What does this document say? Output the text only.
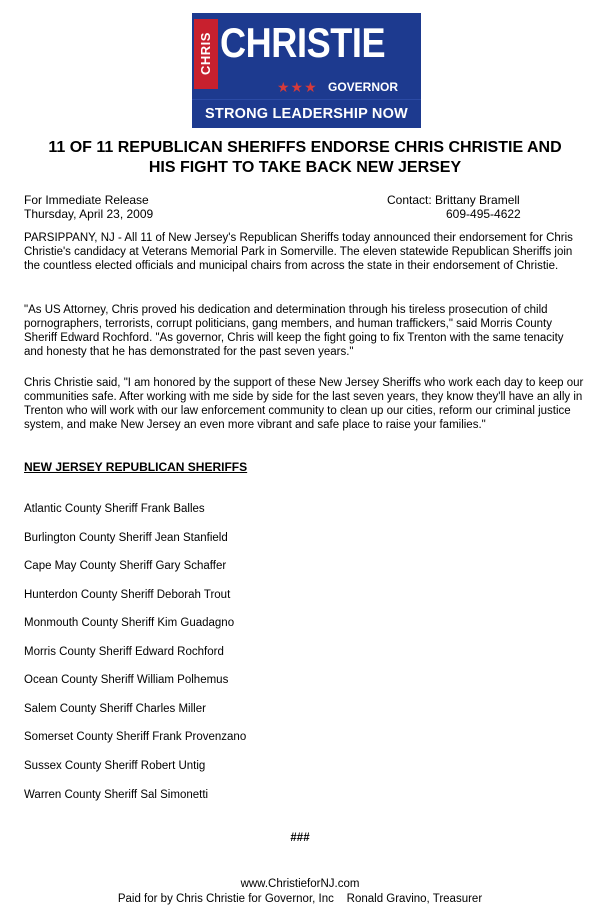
CHRIS CHRISTIE
★★★ GOVERNOR
STRONG LEADERSHIP NOW
11 OF 11 REPUBLICAN SHERIFFS ENDORSE CHRIS CHRISTIE AND
HIS FIGHT TO TAKE BACK NEW JERSEY
For Immediate Release
Thursday, April 23, 2009
Contact: Brittany Bramell
609-495-4622
PARSIPPANY, NJ - All 11 of New Jersey's Republican Sheriffs today announced their endorsement for Chris Christie's candidacy at Veterans Memorial Park in Somerville. The eleven statewide Republican Sheriffs join the countless elected officials and municipal chairs from across the state in their endorsement of Christie.
"As US Attorney, Chris proved his dedication and determination through his tireless prosecution of child pornographers, terrorists, corrupt politicians, gang members, and human traffickers," said Morris County Sheriff Edward Rochford. "As governor, Chris will keep the fight going to fix Trenton with the same tenacity and honesty that he has demonstrated for the past seven years."
Chris Christie said, "I am honored by the support of these New Jersey Sheriffs who work each day to keep our communities safe. After working with me side by side for the last seven years, they know they'll have an ally in Trenton who will work with our law enforcement community to clean up our cities, reform our criminal justice system, and make New Jersey an even more vibrant and safe place to raise your families."
NEW JERSEY REPUBLICAN SHERIFFS
Atlantic County Sheriff Frank Balles
Burlington County Sheriff Jean Stanfield
Cape May County Sheriff Gary Schaffer
Hunterdon County Sheriff Deborah Trout
Monmouth County Sheriff Kim Guadagno
Morris County Sheriff Edward Rochford
Ocean County Sheriff William Polhemus
Salem County Sheriff Charles Miller
Somerset County Sheriff Frank Provenzano
Sussex County Sheriff Robert Untig
Warren County Sheriff Sal Simonetti
###
www.ChristieforNJ.com
Paid for by Chris Christie for Governor, Inc    Ronald Gravino, Treasurer
